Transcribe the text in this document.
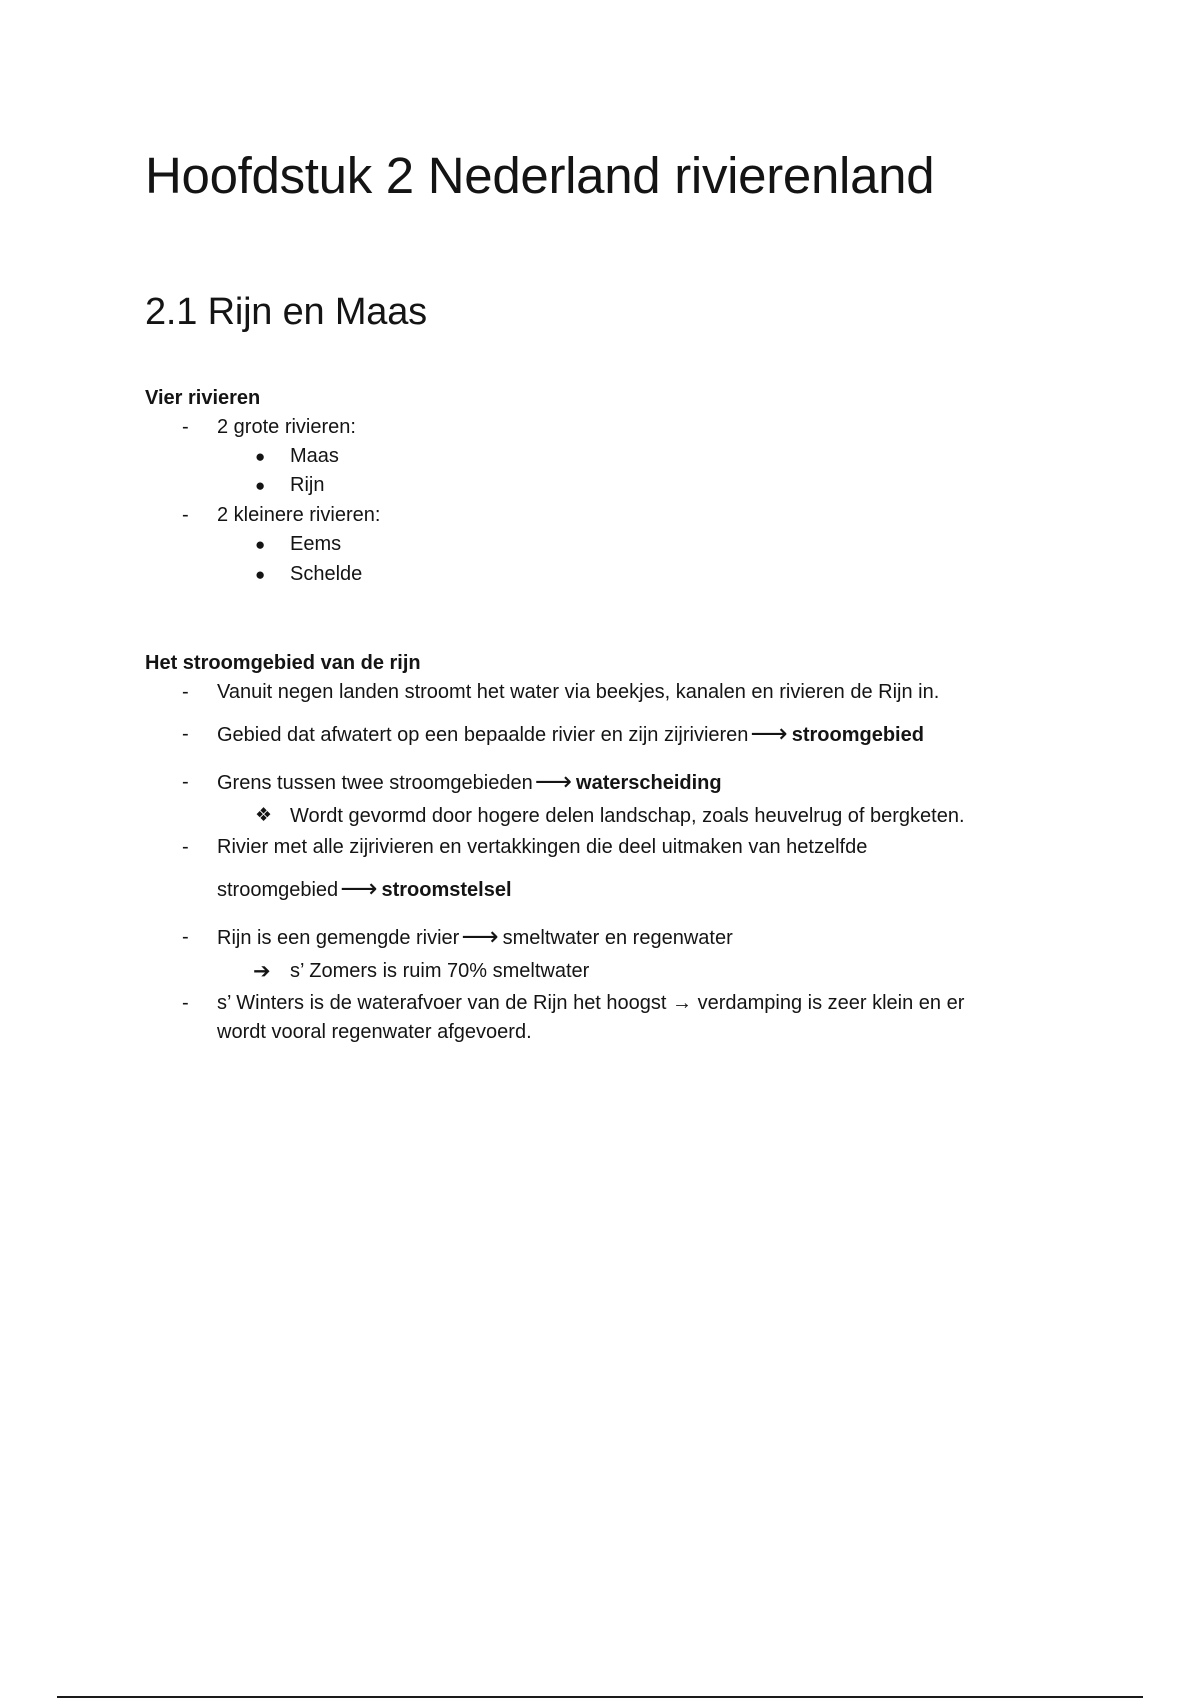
Hoofdstuk 2 Nederland rivierenland
2.1 Rijn en Maas
Vier rivieren
- 2 grote rivieren:
● Maas
● Rijn
- 2 kleinere rivieren:
● Eems
● Schelde
Het stroomgebied van de rijn
- Vanuit negen landen stroomt het water via beekjes, kanalen en rivieren de Rijn in.
- Gebied dat afwatert op een bepaalde rivier en zijn zijrivieren⟶ stroomgebied
- Grens tussen twee stroomgebieden⟶ waterscheiding
❖ Wordt gevormd door hogere delen landschap, zoals heuvelrug of bergketen.
- Rivier met alle zijrivieren en vertakkingen die deel uitmaken van hetzelfde
stroomgebied⟶ stroomstelsel
- Rijn is een gemengde rivier⟶ smeltwater en regenwater
➔ s’ Zomers is ruim 70% smeltwater
- s’ Winters is de waterafvoer van de Rijn het hoogst → verdamping is zeer klein en er
wordt vooral regenwater afgevoerd.
